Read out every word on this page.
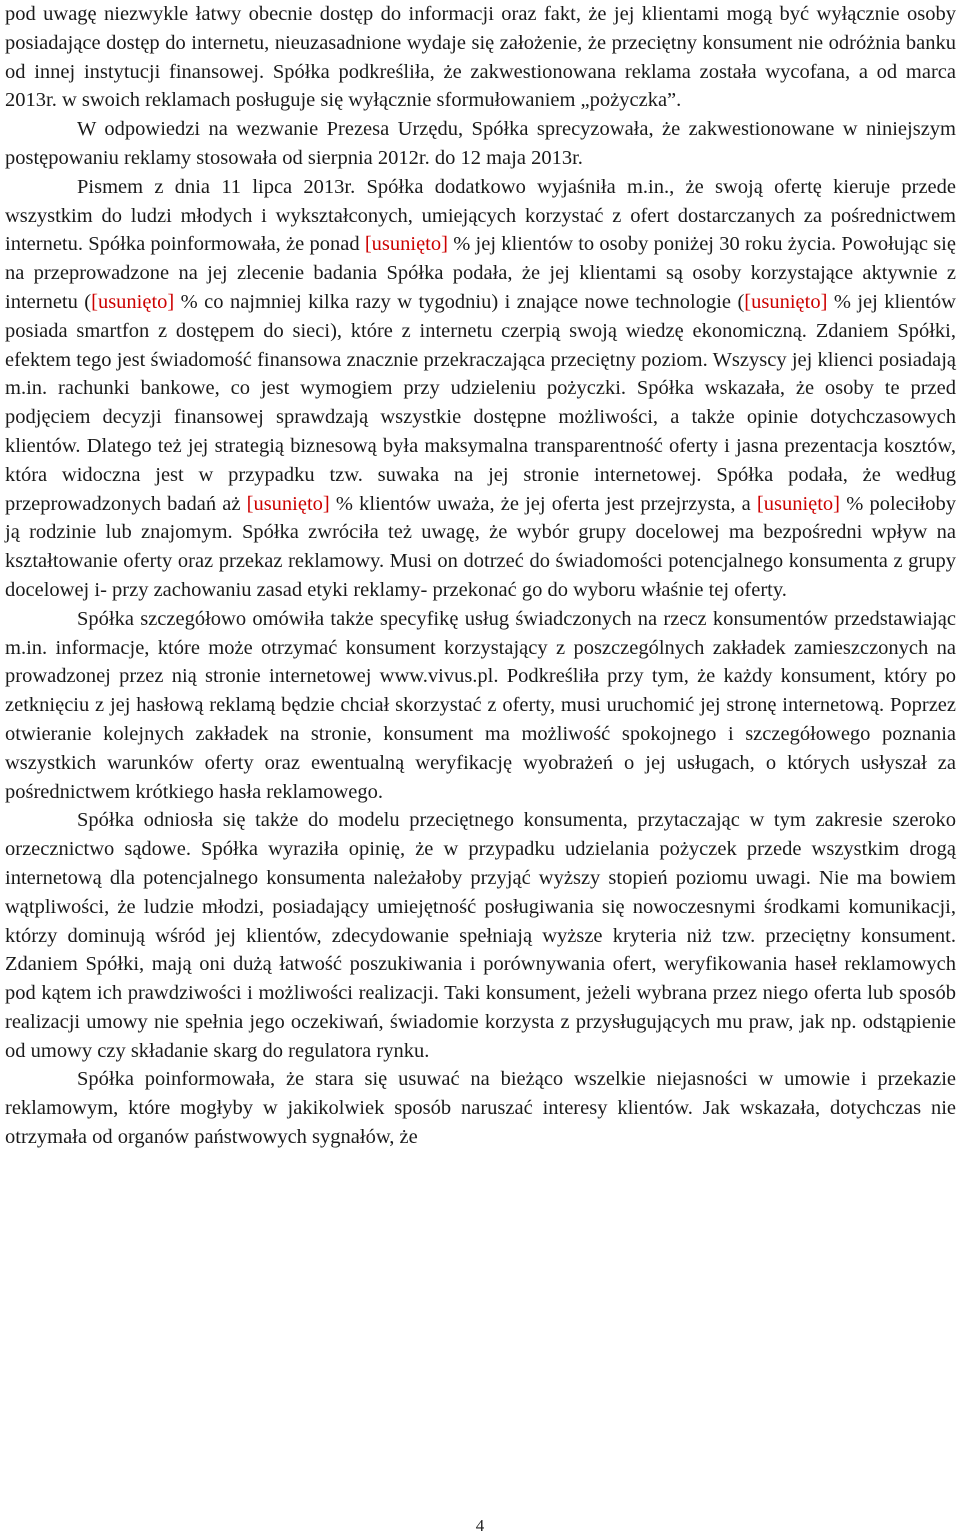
pod uwagę niezwykle łatwy obecnie dostęp do informacji oraz fakt, że jej klientami mogą być wyłącznie osoby posiadające dostęp do internetu, nieuzasadnione wydaje się założenie, że przeciętny konsument nie odróżnia banku od innej instytucji finansowej. Spółka podkreśliła, że zakwestionowana reklama została wycofana, a od marca 2013r. w swoich reklamach posługuje się wyłącznie sformułowaniem „pożyczka”.

W odpowiedzi na wezwanie Prezesa Urzędu, Spółka sprecyzowała, że zakwestionowane w niniejszym postępowaniu reklamy stosowała od sierpnia 2012r. do 12 maja 2013r.

Pismem z dnia 11 lipca 2013r. Spółka dodatkowo wyjaśniła m.in., że swoją ofertę kieruje przede wszystkim do ludzi młodych i wykształconych, umiejących korzystać z ofert dostarczanych za pośrednictwem internetu. Spółka poinformowała, że ponad [usunięto] % jej klientów to osoby poniżej 30 roku życia. Powołując się na przeprowadzone na jej zlecenie badania Spółka podała, że jej klientami są osoby korzystające aktywnie z internetu ([usunięto] % co najmniej kilka razy w tygodniu) i znające nowe technologie ([usunięto] % jej klientów posiada smartfon z dostępem do sieci), które z internetu czerpią swoją wiedzę ekonomiczną. Zdaniem Spółki, efektem tego jest świadomość finansowa znacznie przekraczająca przeciętny poziom. Wszyscy jej klienci posiadają m.in. rachunki bankowe, co jest wymogiem przy udzieleniu pożyczki. Spółka wskazała, że osoby te przed podjęciem decyzji finansowej sprawdzają wszystkie dostępne możliwości, a także opinie dotychczasowych klientów. Dlatego też jej strategią biznesową była maksymalna transparentność oferty i jasna prezentacja kosztów, która widoczna jest w przypadku tzw. suwaka na jej stronie internetowej. Spółka podała, że według przeprowadzonych badań aż [usunięto] % klientów uważa, że jej oferta jest przejrzysta, a [usunięto] % poleciłoby ją rodzinie lub znajomym. Spółka zwróciła też uwagę, że wybór grupy docelowej ma bezpośredni wpływ na kształtowanie oferty oraz przekaz reklamowy. Musi on dotrzeć do świadomości potencjalnego konsumenta z grupy docelowej i- przy zachowaniu zasad etyki reklamy- przekonać go do wyboru właśnie tej oferty.

Spółka szczegółowo omówiła także specyfikę usług świadczonych na rzecz konsumentów przedstawiając m.in. informacje, które może otrzymać konsument korzystający z poszczególnych zakładek zamieszczonych na prowadzonej przez nią stronie internetowej www.vivus.pl. Podkreśliła przy tym, że każdy konsument, który po zetknięciu z jej hasłową reklamą będzie chciał skorzystać z oferty, musi uruchomić jej stronę internetową. Poprzez otwieranie kolejnych zakładek na stronie, konsument ma możliwość spokojnego i szczegółowego poznania wszystkich warunków oferty oraz ewentualną weryfikację wyobrażeń o jej usługach, o których usłyszał za pośrednictwem krótkiego hasła reklamowego.

Spółka odniosła się także do modelu przeciętnego konsumenta, przytaczając w tym zakresie szeroko orzecznictwo sądowe. Spółka wyraziła opinię, że w przypadku udzielania pożyczek przede wszystkim drogą internetową dla potencjalnego konsumenta należałoby przyjąć wyższy stopień poziomu uwagi. Nie ma bowiem wątpliwości, że ludzie młodzi, posiadający umiejętność posługiwania się nowoczesnymi środkami komunikacji, którzy dominują wśród jej klientów, zdecydowanie spełniają wyższe kryteria niż tzw. przeciętny konsument. Zdaniem Spółki, mają oni dużą łatwość poszukiwania i porównywania ofert, weryfikowania haseł reklamowych pod kątem ich prawdziwości i możliwości realizacji. Taki konsument, jeżeli wybrana przez niego oferta lub sposób realizacji umowy nie spełnia jego oczekiwań, świadomie korzysta z przysługujących mu praw, jak np. odstąpienie od umowy czy składanie skarg do regulatora rynku.

Spółka poinformowała, że stara się usuwać na bieżąco wszelkie niejasności w umowie i przekazie reklamowym, które mogłyby w jakikolwiek sposób naruszać interesy klientów. Jak wskazała, dotychczas nie otrzymała od organów państwowych sygnałów, że

4
